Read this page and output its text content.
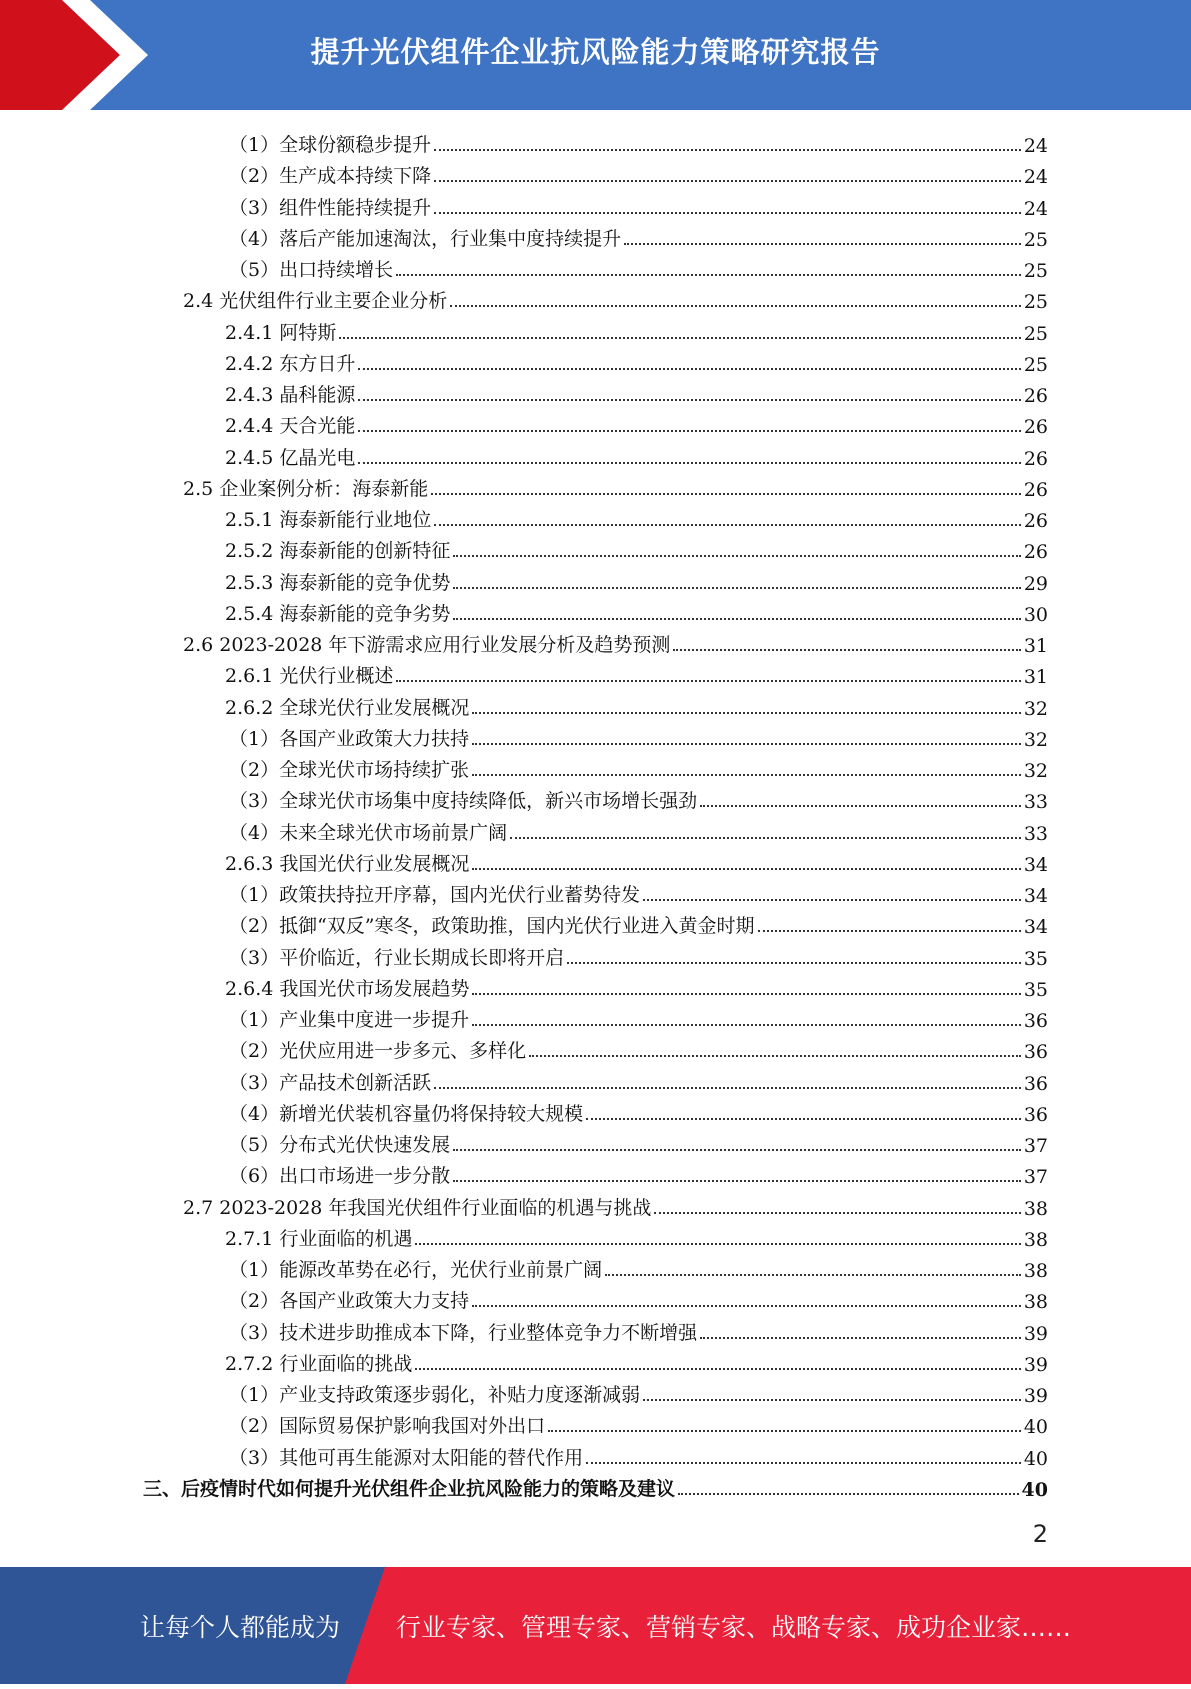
提升光伏组件企业抗风险能力策略研究报告
（1）全球份额稳步提升	24
（2）生产成本持续下降	24
（3）组件性能持续提升	24
（4）落后产能加速淘汰，行业集中度持续提升	25
（5）出口持续增长	25
2.4 光伏组件行业主要企业分析	25
2.4.1 阿特斯	25
2.4.2 东方日升	25
2.4.3 晶科能源	26
2.4.4 天合光能	26
2.4.5 亿晶光电	26
2.5 企业案例分析：海泰新能	26
2.5.1 海泰新能行业地位	26
2.5.2 海泰新能的创新特征	26
2.5.3 海泰新能的竞争优势	29
2.5.4 海泰新能的竞争劣势	30
2.6 2023-2028 年下游需求应用行业发展分析及趋势预测	31
2.6.1 光伏行业概述	31
2.6.2 全球光伏行业发展概况	32
（1）各国产业政策大力扶持	32
（2）全球光伏市场持续扩张	32
（3）全球光伏市场集中度持续降低，新兴市场增长强劲	33
（4）未来全球光伏市场前景广阔	33
2.6.3 我国光伏行业发展概况	34
（1）政策扶持拉开序幕，国内光伏行业蓄势待发	34
（2）抵御“双反”寒冬，政策助推，国内光伏行业进入黄金时期	34
（3）平价临近，行业长期成长即将开启	35
2.6.4 我国光伏市场发展趋势	35
（1）产业集中度进一步提升	36
（2）光伏应用进一步多元、多样化	36
（3）产品技术创新活跃	36
（4）新增光伏装机容量仍将保持较大规模	36
（5）分布式光伏快速发展	37
（6）出口市场进一步分散	37
2.7 2023-2028 年我国光伏组件行业面临的机遇与挑战	38
2.7.1 行业面临的机遇	38
（1）能源改革势在必行，光伏行业前景广阔	38
（2）各国产业政策大力支持	38
（3）技术进步助推成本下降，行业整体竞争力不断增强	39
2.7.2 行业面临的挑战	39
（1）产业支持政策逐步弱化，补贴力度逐渐减弱	39
（2）国际贸易保护影响我国对外出口	40
（3）其他可再生能源对太阳能的替代作用	40
三、后疫情时代如何提升光伏组件企业抗风险能力的策略及建议	40
2
让每个人都能成为 行业专家、管理专家、营销专家、战略专家、成功企业家……
